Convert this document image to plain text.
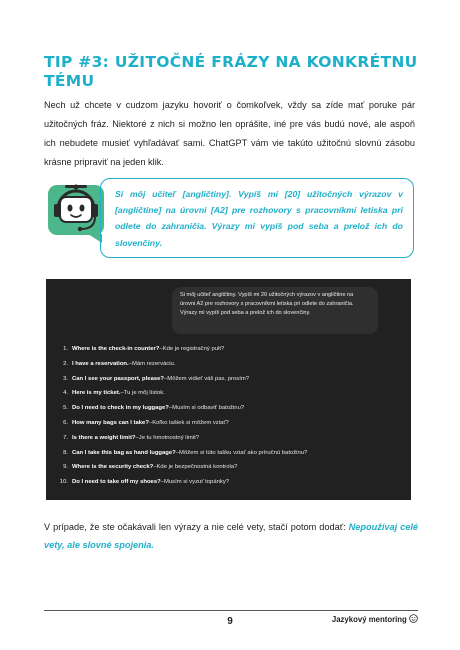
TIP #3: UŽITOČNÉ FRÁZY NA KONKRÉTNU TÉMU

Nech už chcete v cudzom jazyku hovoriť o čomkoľvek, vždy sa zíde mať poruke pár užitočných fráz. Niektoré z nich si možno len oprášite, iné pre vás budú nové, ale aspoň ich nebudete musieť vyhľadávať sami. ChatGPT vám vie takúto užitočnú slovnú zásobu krásne pripraviť na jeden klik.

Si môj učiteľ [angličtiny]. Vypíš mi [20] užitočných výrazov v [angličtine] na úrovni [A2] pre rozhovory s pracovníkmi letiska pri odlete do zahraničia. Výrazy mi vypíš pod seba a prelož ich do slovenčiny.

Si môj učiteľ angličtiny. Vypíš mi 20 užitočných výrazov v angličtine na úrovni A2 pre rozhovory s pracovníkmi letiska pri odlete do zahraničia. Výrazy mi vypíš pod seba a prelož ich do slovenčiny.

1. Where is the check-in counter? – Kde je registračný pult?
2. I have a reservation. – Mám rezerváciu.
3. Can I see your passport, please? – Môžem vidieť váš pas, prosím?
4. Here is my ticket. – Tu je môj lístok.
5. Do I need to check in my luggage? – Musím si odbaviť batožinu?
6. How many bags can I take? – Koľko tašiek si môžem vziať?
7. Is there a weight limit? – Je tu hmotnostný limit?
8. Can I take this bag as hand luggage? – Môžem si túto tašku vziať ako príručnú batožinu?
9. Where is the security check? – Kde je bezpečnostná kontrola?
10. Do I need to take off my shoes? – Musím si vyzuť topánky?

V prípade, že ste očakávali len výrazy a nie celé vety, stačí potom dodať: Nepoužívaj celé vety, ale slovné spojenia.

9	Jazykový mentoring
